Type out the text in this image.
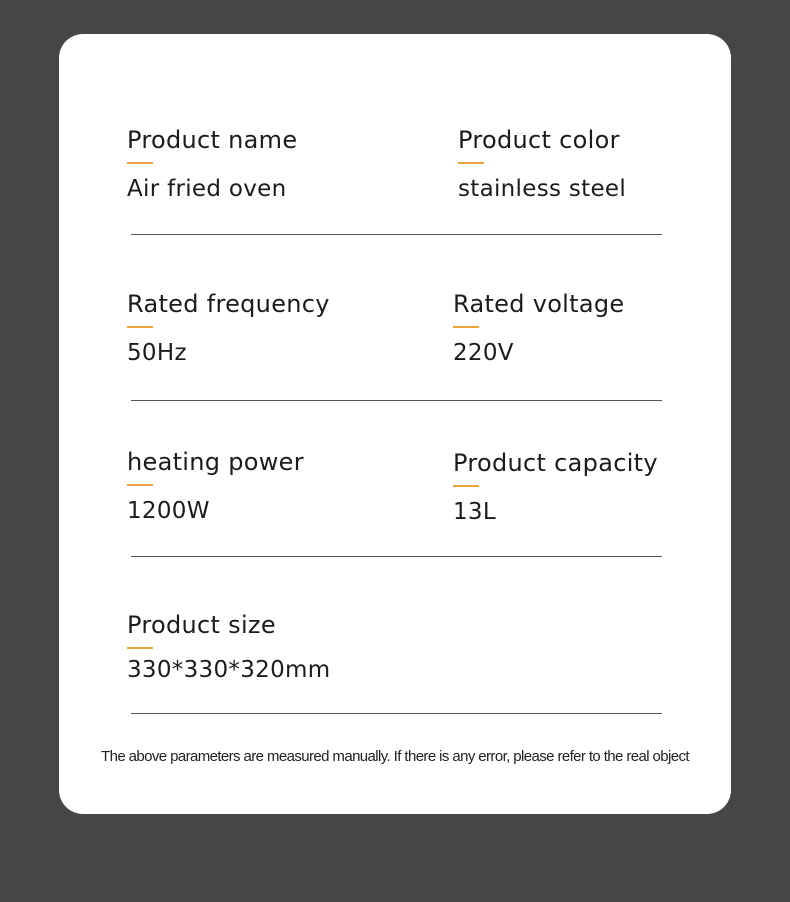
Product name
Air fried oven
Product color
stainless steel
Rated frequency
50Hz
Rated voltage
220V
heating power
1200W
Product capacity
13L
Product size
330*330*320mm
The above parameters are measured manually. If there is any error, please refer to the real object
